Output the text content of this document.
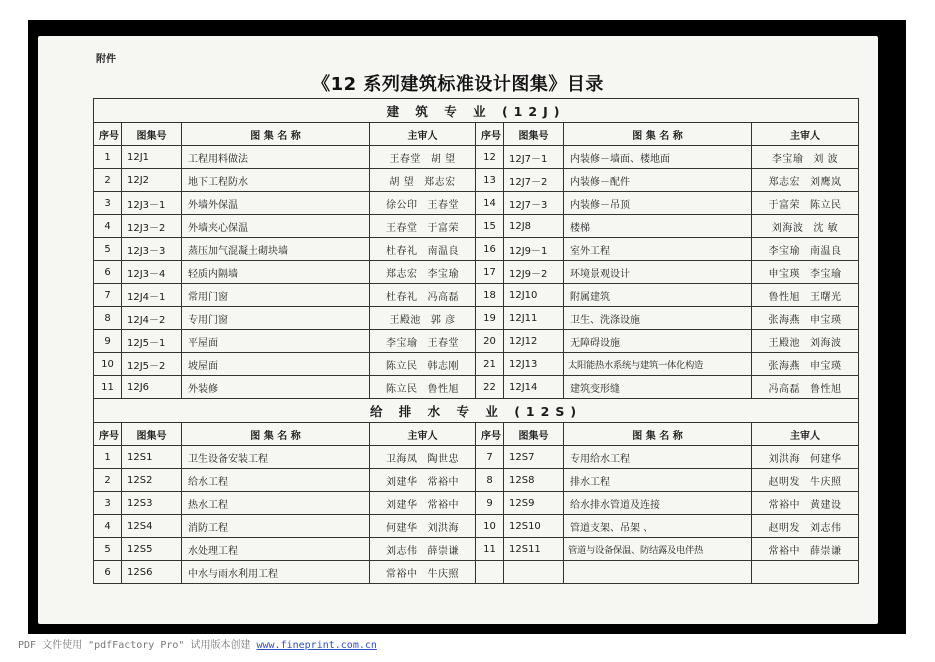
附件
《12 系列建筑标准设计图集》目录
建 筑 专 业 (12J)							
序号	图集号	图 集 名 称	主审人	序号	图集号	图 集 名 称	主审人
1	12J1	工程用料做法	王春堂 胡 望	12	12J7－1	内装修－墙面、楼地面	李宝瑜 刘 波
2	12J2	地下工程防水	胡 望 郑志宏	13	12J7－2	内装修－配件	郑志宏 刘鹰岚
3	12J3－1	外墙外保温	徐公印 王春堂	14	12J7－3	内装修－吊顶	于富荣 陈立民
4	12J3－2	外墙夹心保温	王春堂 于富荣	15	12J8	楼梯	刘海波 沈 敏
5	12J3－3	蒸压加气混凝土砌块墙	杜春礼 南温良	16	12J9－1	室外工程	李宝瑜 南温良
6	12J3－4	轻质内隔墙	郑志宏 李宝瑜	17	12J9－2	环境景观设计	申宝瑛 李宝瑜
7	12J4－1	常用门窗	杜春礼 冯高磊	18	12J10	附属建筑	鲁性旭 王曙光
8	12J4－2	专用门窗	王殿池 郭 彦	19	12J11	卫生、洗涤设施	张海燕 申宝瑛
9	12J5－1	平屋面	李宝瑜 王春堂	20	12J12	无障碍设施	王殿池 刘海波
10	12J5－2	坡屋面	陈立民 韩志刚	21	12J13	太阳能热水系统与建筑一体化构造	张海燕 申宝瑛
11	12J6	外装修	陈立民 鲁性旭	22	12J14	建筑变形缝	冯高磊 鲁性旭
给 排 水 专 业 (12S)							
序号	图集号	图 集 名 称	主审人	序号	图集号	图 集 名 称	主审人
1	12S1	卫生设备安装工程	卫海凤 陶世忠	7	12S7	专用给水工程	刘洪海 何建华
2	12S2	给水工程	刘建华 常裕中	8	12S8	排水工程	赵明发 牛庆照
3	12S3	热水工程	刘建华 常裕中	9	12S9	给水排水管道及连接	常裕中 黄建设
4	12S4	消防工程	何建华 刘洪海	10	12S10	管道支架、吊架 、	赵明发 刘志伟
5	12S5	水处理工程	刘志伟 薛崇谦	11	12S11	管道与设备保温、防结露及电伴热	常裕中 薛崇谦
6	12S6	中水与雨水利用工程	常裕中 牛庆照				
PDF 文件使用 "pdfFactory Pro" 试用版本创建 www.fineprint.com.cn
